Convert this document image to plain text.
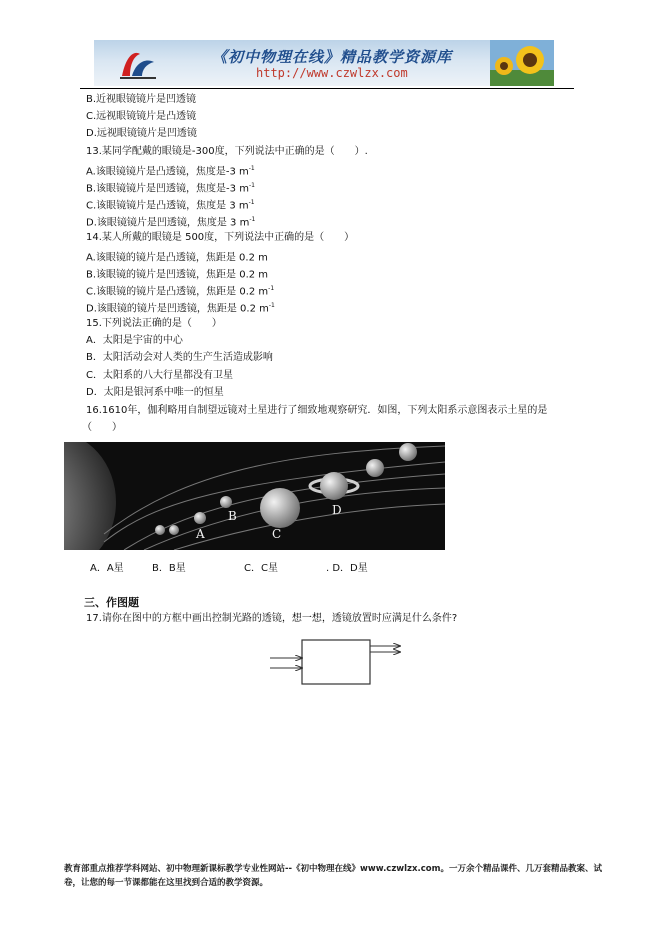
《初中物理在线》精品教学资源库
http://www.czwlzx.com
B.近视眼镜镜片是凹透镜
C.远视眼镜镜片是凸透镜
D.远视眼镜镜片是凹透镜
13.某同学配戴的眼镜是-300度，下列说法中正确的是（　　）.
A.该眼镜镜片是凸透镜，焦度是-3 $m^{-1}$
B.该眼镜镜片是凹透镜，焦度是-3 $m^{-1}$
C.该眼镜镜片是凸透镜，焦度是 3 $m^{-1}$
D.该眼镜镜片是凹透镜，焦度是 3 $m^{-1}$
14.某人所戴的眼镜是 500度，下列说法中正确的是（　　）
A.该眼镜的镜片是凸透镜，焦距是 0.2 m
B.该眼镜的镜片是凹透镜，焦距是 0.2 m
C.该眼镜的镜片是凸透镜，焦距是 0.2 $m^{-1}$
D.该眼镜的镜片是凹透镜，焦距是 0.2 $m^{-1}$
15.下列说法正确的是（　　）
A．太阳是宇宙的中心
B．太阳活动会对人类的生产生活造成影响
C．太阳系的八大行星都没有卫星
D．太阳是银河系中唯一的恒星
16.1610年，伽利略用自制望远镜对土星进行了细致地观察研究．如图，下列太阳系示意图表示土星的是（　　）
A
B
C
D
A．A星	B．B星	C．C星	. D．D星
三、作图题
17.请你在图中的方框中画出控制光路的透镜，想一想，透镜放置时应满足什么条件?
教育部重点推荐学科网站、初中物理新课标教学专业性网站--《初中物理在线》www.czwlzx.com。一万余个精品课件、几万套精品教案、试卷，让您的每一节课都能在这里找到合适的教学资源。
